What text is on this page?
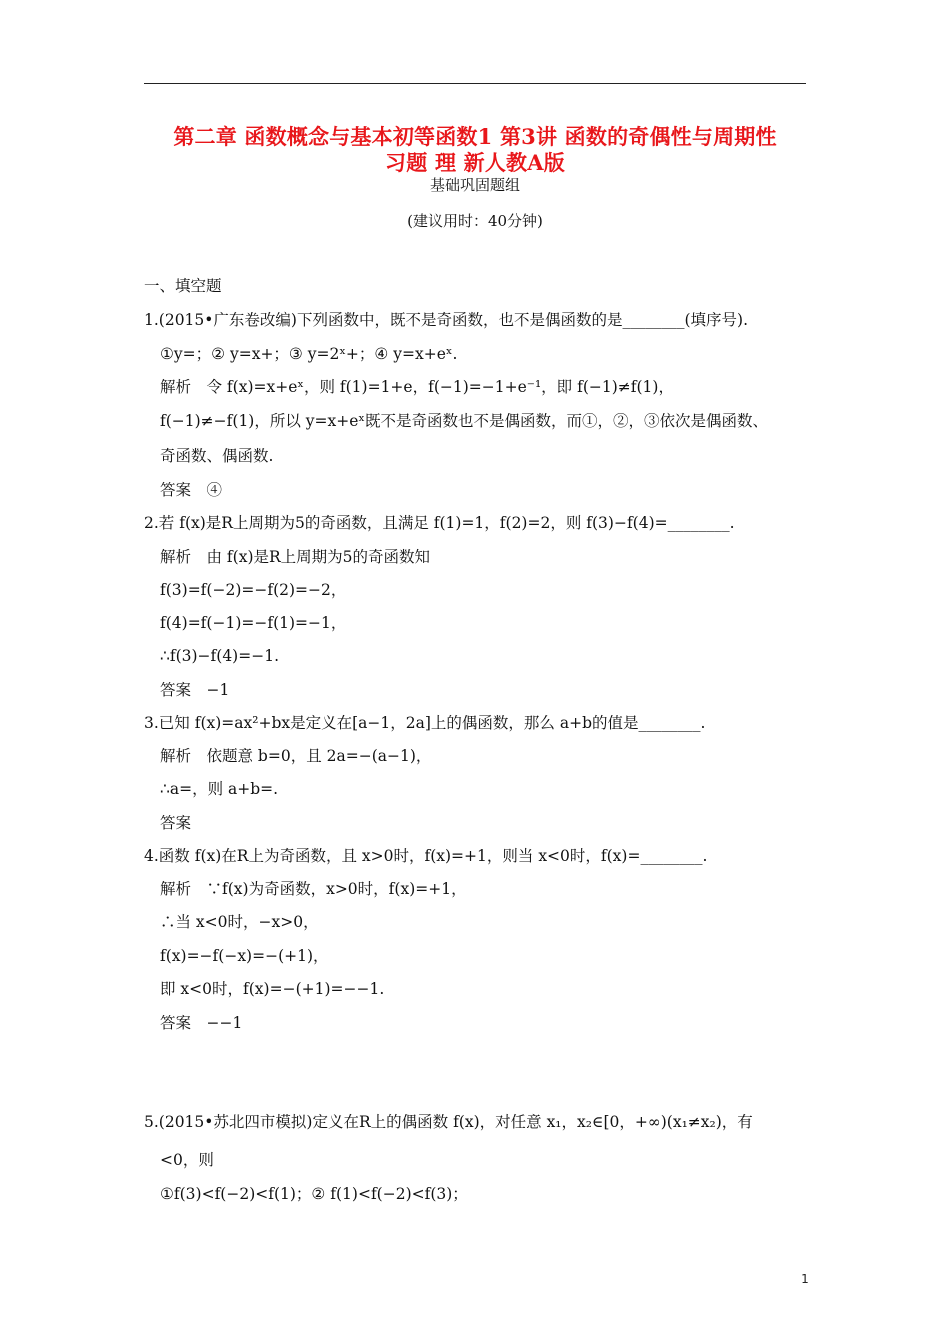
第二章 函数概念与基本初等函数1 第3讲 函数的奇偶性与周期性
习题 理 新人教A版
基础巩固题组
(建议用时：40分钟)
一、填空题
1.(2015•广东卷改编)下列函数中，既不是奇函数，也不是偶函数的是________(填序号).
①y=；② y=x+；③ y=2ˣ+；④ y=x+eˣ.
解析　令 f(x)=x+eˣ，则 f(1)=1+e，f(−1)=−1+e⁻¹，即 f(−1)≠f(1)，
f(−1)≠−f(1)，所以 y=x+eˣ既不是奇函数也不是偶函数，而①，②，③依次是偶函数、
奇函数、偶函数.
答案　④
2.若 f(x)是R上周期为5的奇函数，且满足 f(1)=1，f(2)=2，则 f(3)−f(4)=________.
解析　由 f(x)是R上周期为5的奇函数知
f(3)=f(−2)=−f(2)=−2，
f(4)=f(−1)=−f(1)=−1，
∴f(3)−f(4)=−1.
答案　−1
3.已知 f(x)=ax²+bx是定义在[a−1，2a]上的偶函数，那么 a+b的值是________.
解析　依题意 b=0，且 2a=−(a−1)，
∴a=，则 a+b=.
答案
4.函数 f(x)在R上为奇函数，且 x>0时，f(x)=+1，则当 x<0时，f(x)=________.
解析　∵f(x)为奇函数，x>0时，f(x)=+1，
∴当 x<0时，−x>0，
f(x)=−f(−x)=−(+1)，
即 x<0时，f(x)=−(+1)=−−1.
答案　−−1
5.(2015•苏北四市模拟)定义在R上的偶函数 f(x)，对任意 x₁，x₂∈[0，+∞)(x₁≠x₂)，有
<0，则
①f(3)<f(−2)<f(1)；② f(1)<f(−2)<f(3)；
1
